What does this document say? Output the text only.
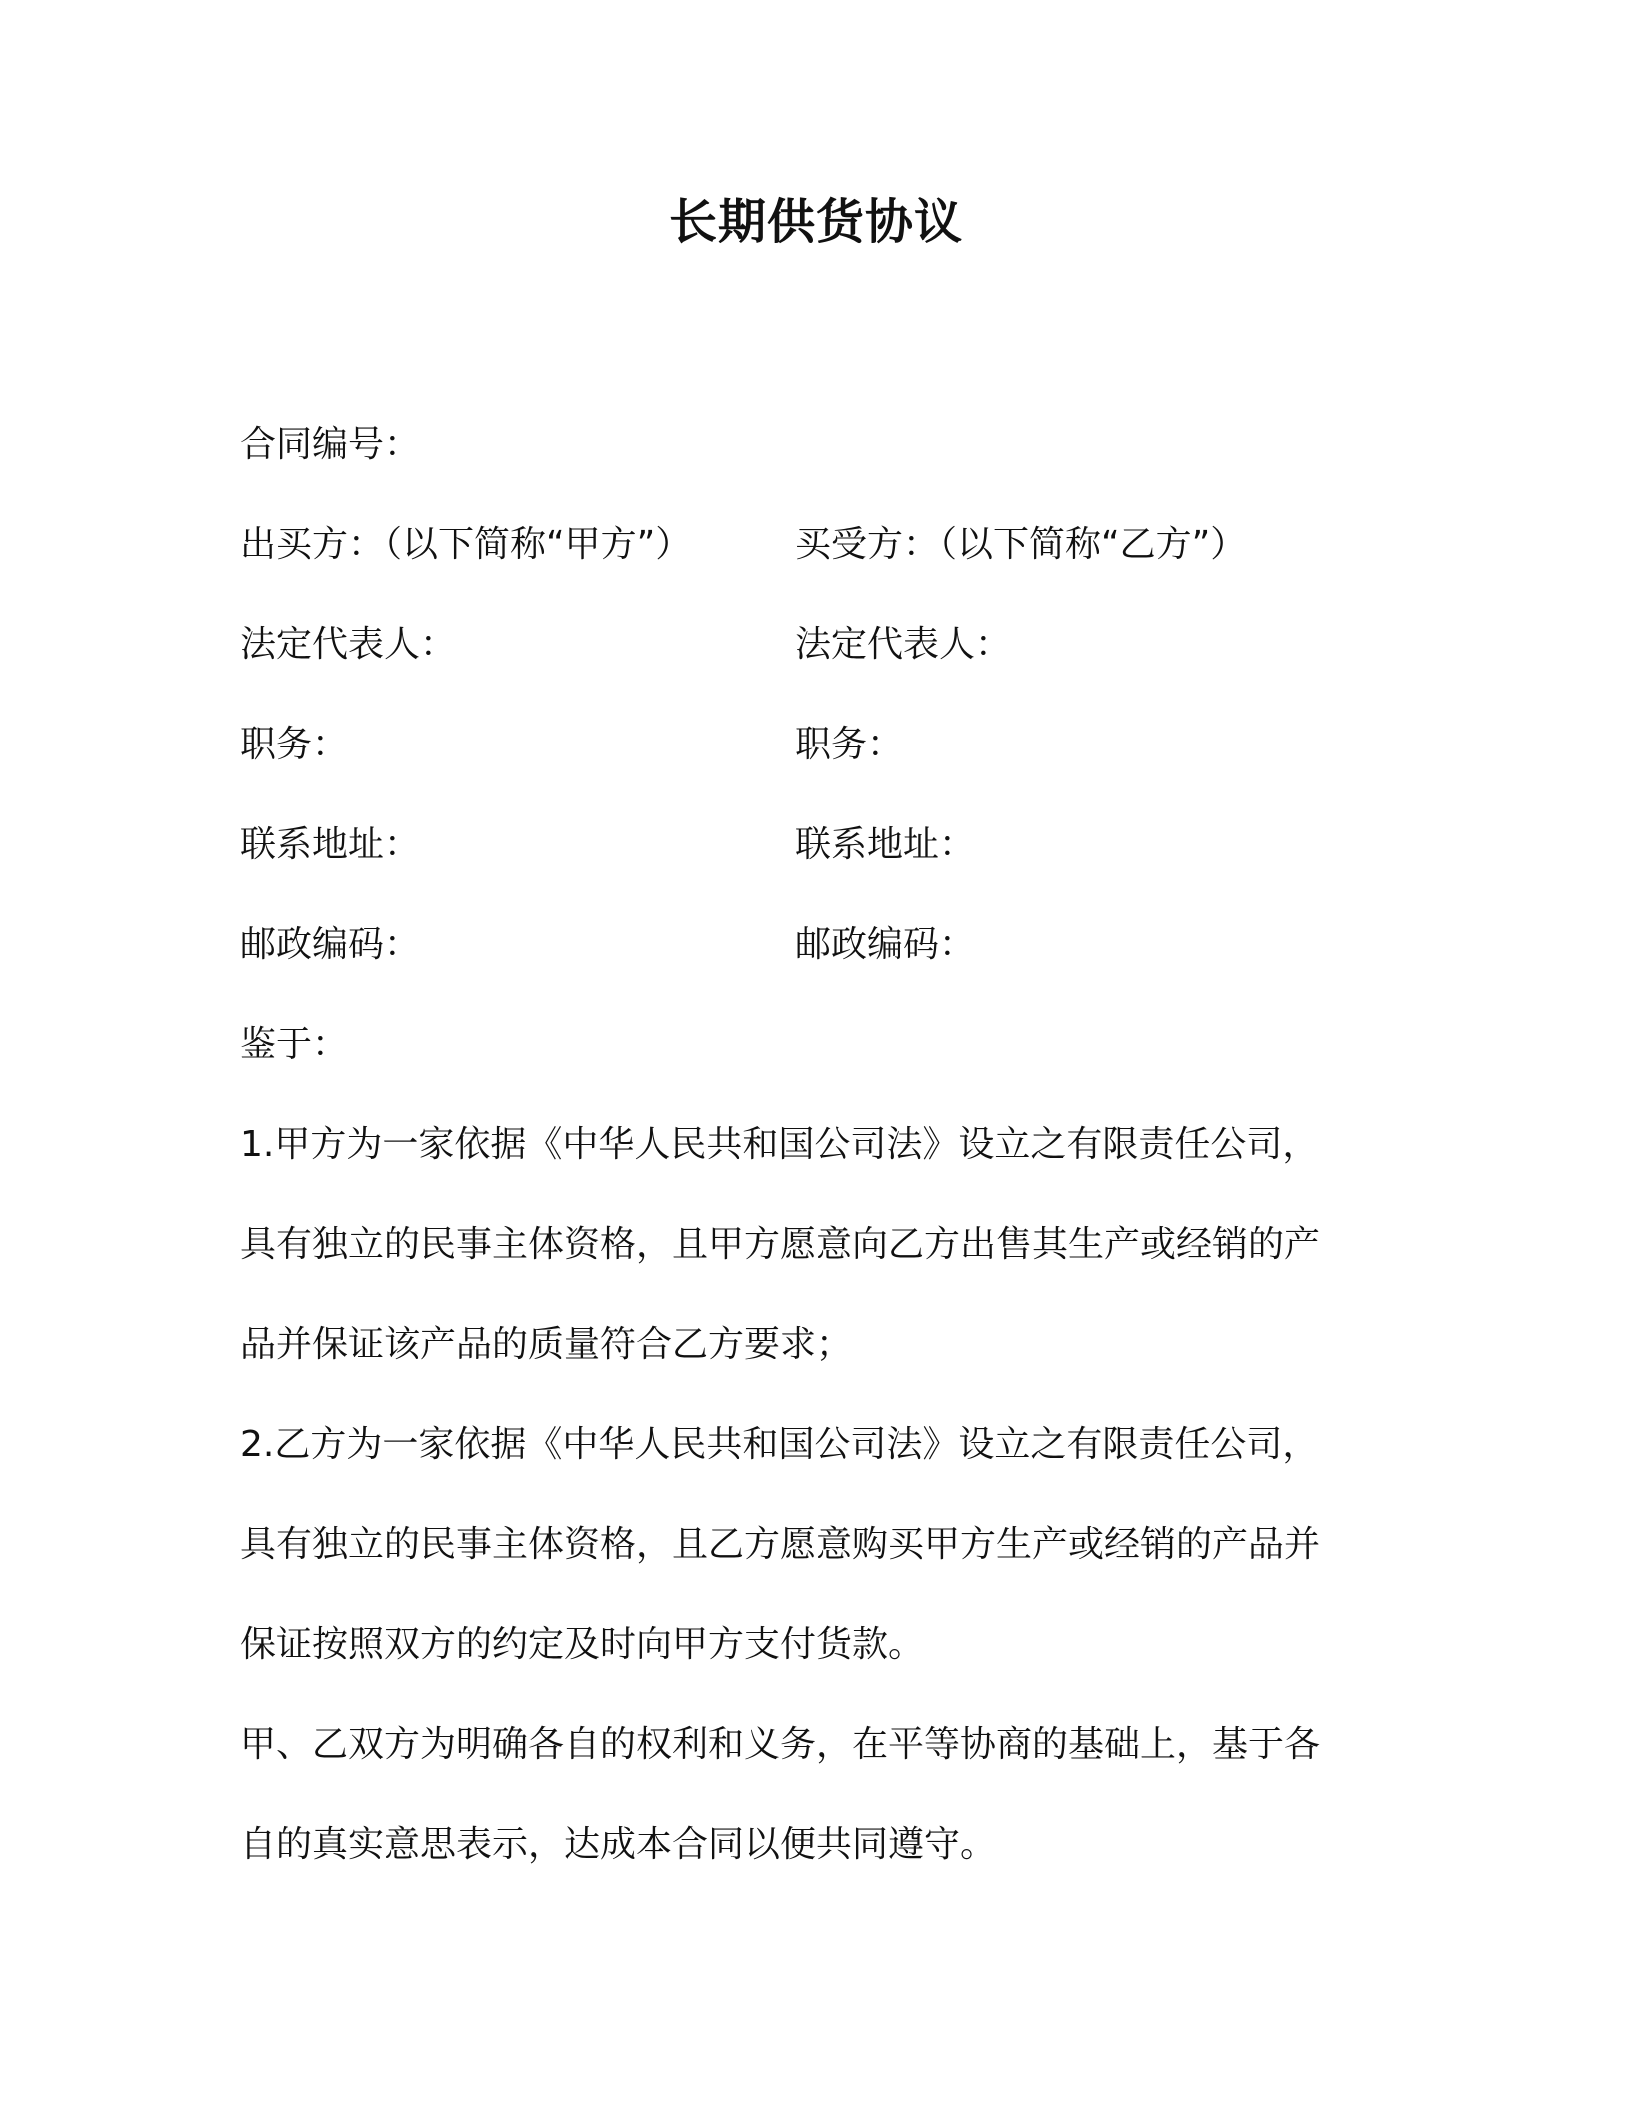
长期供货协议
合同编号：
出买方：（以下简称“甲方”）	买受方：（以下简称“乙方”）
法定代表人：	法定代表人：
职务：	职务：
联系地址：	联系地址：
邮政编码：	邮政编码：
鉴于：
1.甲方为一家依据《中华人民共和国公司法》设立之有限责任公司，
具有独立的民事主体资格，且甲方愿意向乙方出售其生产或经销的产
品并保证该产品的质量符合乙方要求；
2.乙方为一家依据《中华人民共和国公司法》设立之有限责任公司，
具有独立的民事主体资格，且乙方愿意购买甲方生产或经销的产品并
保证按照双方的约定及时向甲方支付货款。
甲、乙双方为明确各自的权利和义务，在平等协商的基础上，基于各
自的真实意思表示，达成本合同以便共同遵守。
